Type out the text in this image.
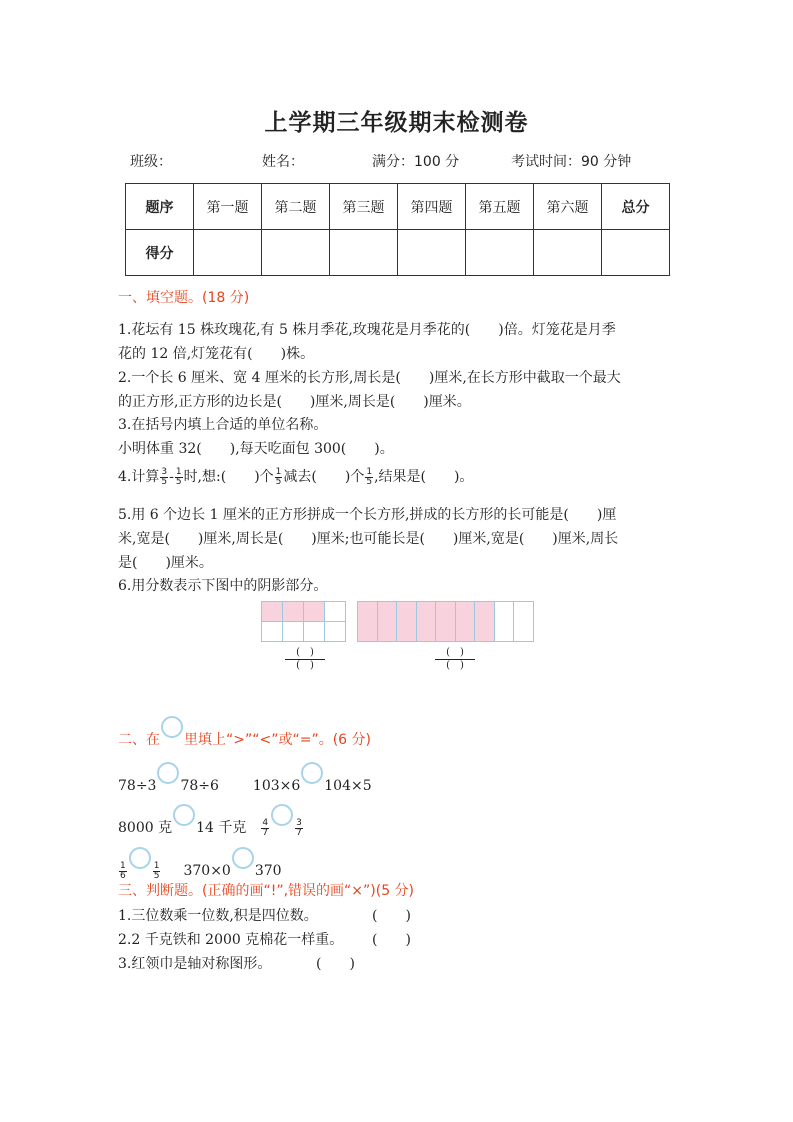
上学期三年级期末检测卷
班级：	姓名：	满分：100 分	考试时间：90 分钟
题序	第一题	第二题	第三题	第四题	第五题	第六题	总分
得分							
一、填空题。(18 分)
1.花坛有 15 株玫瑰花,有 5 株月季花,玫瑰花是月季花的(　　)倍。灯笼花是月季
花的 12 倍,灯笼花有(　　)株。
2.一个长 6 厘米、宽 4 厘米的长方形,周长是(　　)厘米,在长方形中截取一个最大
的正方形,正方形的边长是(　　)厘米,周长是(　　)厘米。
3.在括号内填上合适的单位名称。
小明体重 32(　　),每天吃面包 300(　　)。
4.计算 $\frac{3}{5} - \frac{1}{5}$ 时,想:(　　)个 $\frac{1}{5}$ 减去(　　)个 $\frac{1}{5}$ ,结果是(　　)。
5.用 6 个边长 1 厘米的正方形拼成一个长方形,拼成的长方形的长可能是(　　)厘
米,宽是(　　)厘米,周长是(　　)厘米;也可能长是(　　)厘米,宽是(　　)厘米,周长
是(　　)厘米。
6.用分数表示下图中的阴影部分。

(　)
(　)
(　)
(　)
二、在 里填上“>”“<”或“=”。(6 分)
78÷3 78÷6 103×6 104×5
8000 克 14 千克 $\frac{4}{7}$	$\frac{3}{7}$
$\frac{1}{6}$	$\frac{1}{5} 370\times 0$ 370
三、判断题。(正确的画“!”,错误的画“×”)(5 分)
1.三位数乘一位数,积是四位数。	(　　)
2.2 千克铁和 2000 克棉花一样重。 (　　)
3.红领巾是轴对称图形。	(　　)
